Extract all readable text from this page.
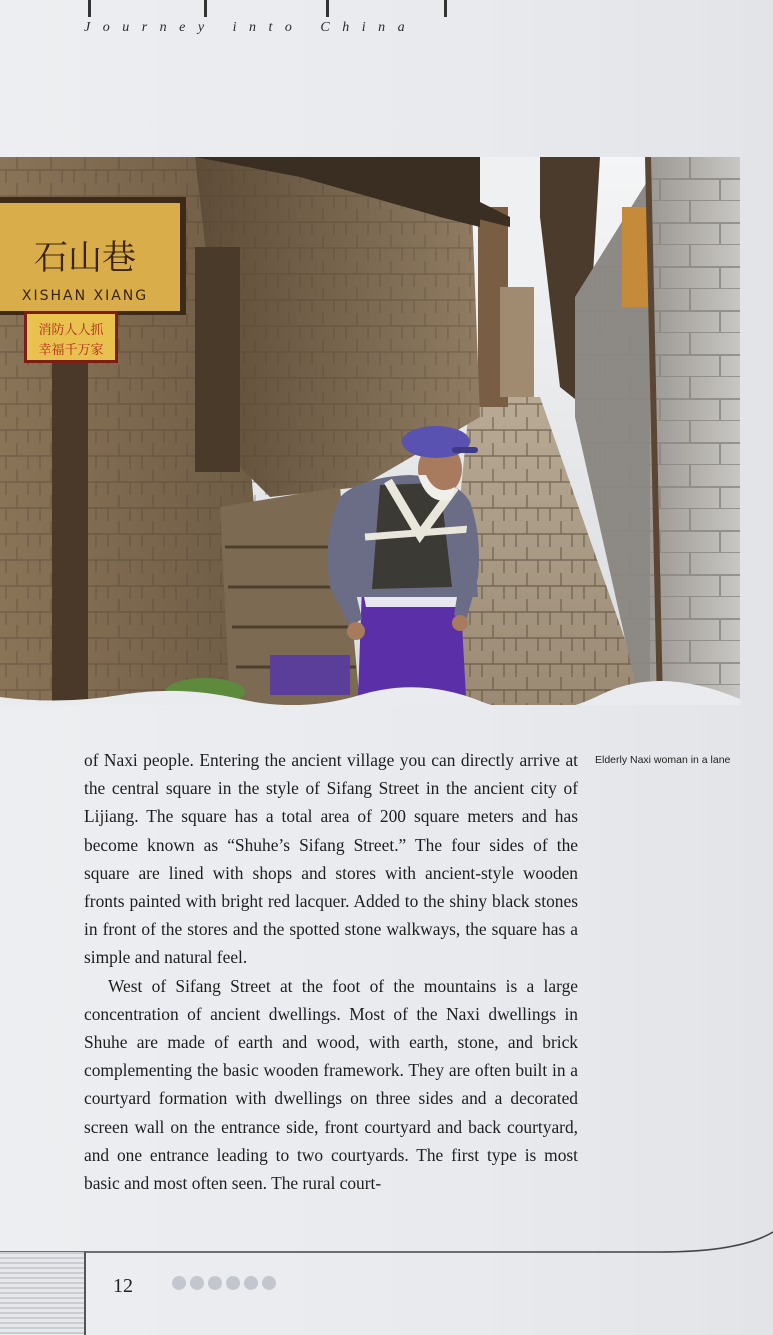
Journey into China
石山巷
XISHAN XIANG
消防人人抓
幸福千万家

of Naxi people. Entering the ancient village you can directly arrive at the central square in the style of Sifang Street in the ancient city of Lijiang. The square has a total area of 200 square meters and has become known as “Shuhe’s Sifang Street.” The four sides of the square are lined with shops and stores with ancient-style wooden fronts painted with bright red lacquer. Added to the shiny black stones in front of the stores and the spotted stone walkways, the square has a simple and natural feel.

West of Sifang Street at the foot of the mountains is a large concentration of ancient dwellings. Most of the Naxi dwellings in Shuhe are made of earth and wood, with earth, stone, and brick complementing the basic wooden framework. They are often built in a courtyard formation with dwellings on three sides and a decorated screen wall on the entrance side, front courtyard and back courtyard, and one entrance leading to two courtyards. The first type is most basic and most often seen. The rural court-

Elderly Naxi woman in a lane
12
